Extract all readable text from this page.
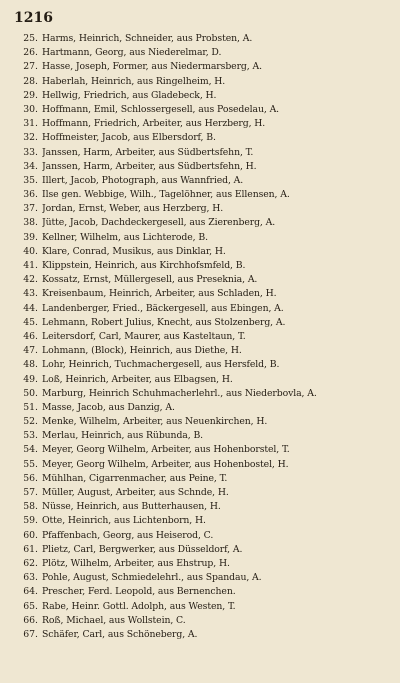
1216
25. Harms, Heinrich, Schneider, aus Probsten, A.
26. Hartmann, Georg, aus Niederelmar, D.
27. Hasse, Joseph, Former, aus Niedermarsberg, A.
28. Haberlah, Heinrich, aus Ringelheim, H.
29. Hellwig, Friedrich, aus Gladebeck, H.
30. Hoffmann, Emil, Schlossergesell, aus Posedelau, A.
31. Hoffmann, Friedrich, Arbeiter, aus Herzberg, H.
32. Hoffmeister, Jacob, aus Elbersdorf, B.
33. Janssen, Harm, Arbeiter, aus Südbertsfehn, T.
34. Janssen, Harm, Arbeiter, aus Südbertsfehn, H.
35. Illert, Jacob, Photograph, aus Wannfried, A.
36. Ilse gen. Webbige, Wilh., Tagelöhner, aus Ellensen, A.
37. Jordan, Ernst, Weber, aus Herzberg, H.
38. Jütte, Jacob, Dachdeckergesell, aus Zierenberg, A.
39. Kellner, Wilhelm, aus Lichterode, B.
40. Klare, Conrad, Musikus, aus Dinklar, H.
41. Klippstein, Heinrich, aus Kirchhofsmfeld, B.
42. Kossatz, Ernst, Müllergesell, aus Preseknia, A.
43. Kreisenbaum, Heinrich, Arbeiter, aus Schladen, H.
44. Landenberger, Fried., Bäckergesell, aus Ebingen, A.
45. Lehmann, Robert Julius, Knecht, aus Stolzenberg, A.
46. Leitersdorf, Carl, Maurer, aus Kasteltaun, T.
47. Lohmann, (Block), Heinrich, aus Diethe, H.
48. Lohr, Heinrich, Tuchmachergesell, aus Hersfeld, B.
49. Loß, Heinrich, Arbeiter, aus Elbagsen, H.
50. Marburg, Heinrich Schuhmacherlehrl., aus Niederbovla, A.
51. Masse, Jacob, aus Danzig, A.
52. Menke, Wilhelm, Arbeiter, aus Neuenkirchen, H.
53. Merlau, Heinrich, aus Rübunda, B.
54. Meyer, Georg Wilhelm, Arbeiter, aus Hohenborstel, T.
55. Meyer, Georg Wilhelm, Arbeiter, aus Hohenbostel, H.
56. Mühlhan, Cigarrenmacher, aus Peine, T.
57. Müller, August, Arbeiter, aus Schnde, H.
58. Nüsse, Heinrich, aus Butterhausen, H.
59. Otte, Heinrich, aus Lichtenborn, H.
60. Pfaffenbach, Georg, aus Heiserod, C.
61. Plietz, Carl, Bergwerker, aus Düsseldorf, A.
62. Plötz, Wilhelm, Arbeiter, aus Ehstrup, H.
63. Pohle, August, Schmiedelehrl., aus Spandau, A.
64. Prescher, Ferd. Leopold, aus Bernenchen.
65. Rabe, Heinr. Gottl. Adolph, aus Westen, T.
66. Roß, Michael, aus Wollstein, C.
67. Schäfer, Carl, aus Schöneberg, A.
